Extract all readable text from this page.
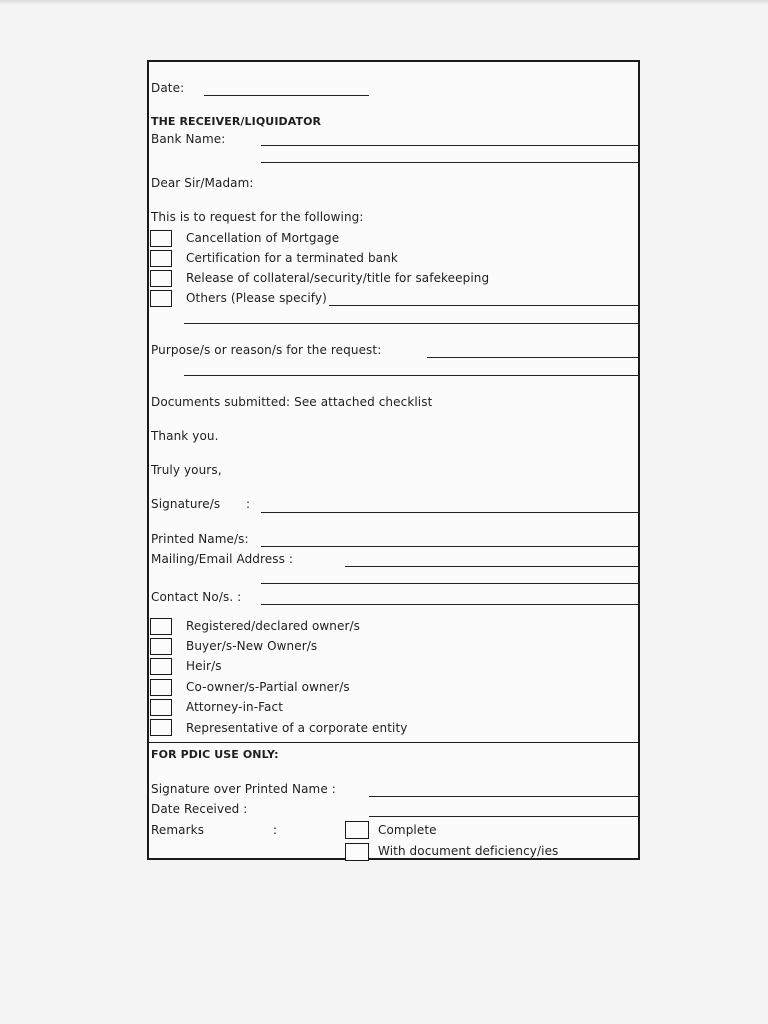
Date:
THE RECEIVER/LIQUIDATOR
Bank Name:
Dear Sir/Madam:
This is to request for the following:
Cancellation of Mortgage
Certification for a terminated bank
Release of collateral/security/title for safekeeping
Others (Please specify)
Purpose/s or reason/s for the request:
Documents submitted: See attached checklist
Thank you.
Truly yours,
Signature/s :
Printed Name/s:
Mailing/Email Address :
Contact No/s. :
Registered/declared owner/s
Buyer/s-New Owner/s
Heir/s
Co-owner/s-Partial owner/s
Attorney-in-Fact
Representative of a corporate entity
FOR PDIC USE ONLY:
Signature over Printed Name :
Date Received :
Remarks	:	Complete
With document deficiency/ies
